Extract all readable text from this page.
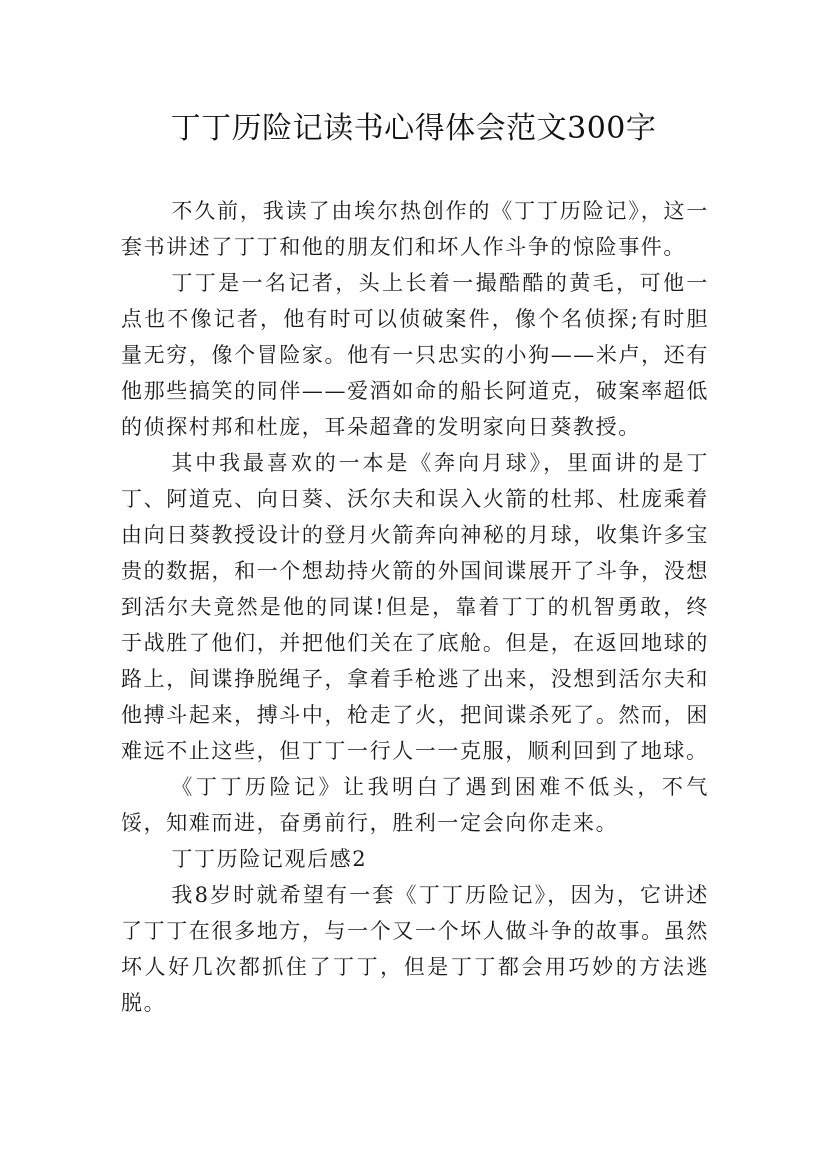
丁丁历险记读书心得体会范文300字

不久前，我读了由埃尔热创作的《丁丁历险记》，这一套书讲述了丁丁和他的朋友们和坏人作斗争的惊险事件。

丁丁是一名记者，头上长着一撮酷酷的黄毛，可他一点也不像记者，他有时可以侦破案件，像个名侦探;有时胆量无穷，像个冒险家。他有一只忠实的小狗——米卢，还有他那些搞笑的同伴——爱酒如命的船长阿道克，破案率超低的侦探村邦和杜庞，耳朵超聋的发明家向日葵教授。

其中我最喜欢的一本是《奔向月球》，里面讲的是丁丁、阿道克、向日葵、沃尔夫和误入火箭的杜邦、杜庞乘着由向日葵教授设计的登月火箭奔向神秘的月球，收集许多宝贵的数据，和一个想劫持火箭的外国间谍展开了斗争，没想到活尔夫竟然是他的同谋!但是，靠着丁丁的机智勇敢，终于战胜了他们，并把他们关在了底舱。但是，在返回地球的路上，间谍挣脱绳子，拿着手枪逃了出来，没想到活尔夫和他搏斗起来，搏斗中，枪走了火，把间谍杀死了。然而，困难远不止这些，但丁丁一行人一一克服，顺利回到了地球。

《丁丁历险记》让我明白了遇到困难不低头，不气馁，知难而进，奋勇前行，胜利一定会向你走来。

丁丁历险记观后感2

我8岁时就希望有一套《丁丁历险记》，因为，它讲述了丁丁在很多地方，与一个又一个坏人做斗争的故事。虽然坏人好几次都抓住了丁丁，但是丁丁都会用巧妙的方法逃脱。
